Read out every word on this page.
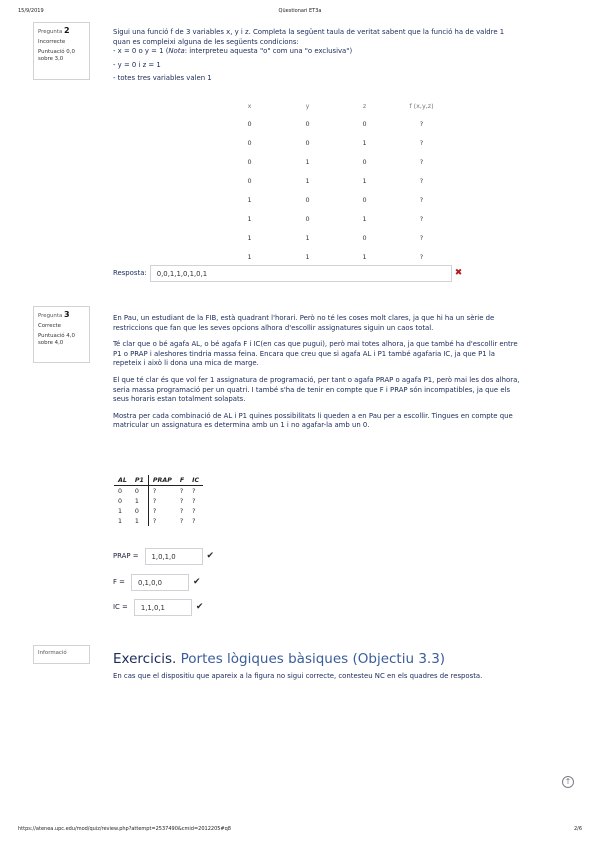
15/9/2019	Qüestionari ET3a
Pregunta 2
Incorrecte
Puntuació 0,0
sobre 3,0
Sigui una funció f de 3 variables x, y i z. Completa la següent taula de veritat sabent que la funció ha de valdre 1 quan es compleixi alguna de les següents condicions:
- x = 0 o y = 1 (Nota: interpreteu aquesta "o" com una "o exclusiva")
- y = 0 i z = 1
- totes tres variables valen 1
x	y	z	f (x,y,z)
0	0	0	?
0	0	1	?
0	1	0	?
0	1	1	?
1	0	0	?
1	0	1	?
1	1	0	?
1	1	1	?
Resposta:	0,0,1,1,0,1,0,1	✖
Pregunta 3
Correcte
Puntuació 4,0
sobre 4,0

En Pau, un estudiant de la FIB, està quadrant l'horari. Però no té les coses molt clares, ja que hi ha un sèrie de restriccions que fan que les seves opcions alhora d'escollir assignatures siguin un caos total.

Té clar que o bé agafa AL, o bé agafa F i IC(en cas que pugui), però mai totes alhora, ja que també ha d'escollir entre P1 o PRAP i aleshores tindria massa feina. Encara que creu que si agafa AL i P1 també agafaria IC, ja que P1 la repeteix i això li dona una mica de marge.

El que té clar és que vol fer 1 assignatura de programació, per tant o agafa PRAP o agafa P1, però mai les dos alhora, seria massa programació per un quatri. I també s'ha de tenir en compte que F i PRAP són incompatibles, ja que els seus horaris estan totalment solapats.

Mostra per cada combinació de AL i P1 quines possibilitats li queden a en Pau per a escollir. Tingues en compte que matricular un assignatura es determina amb un 1 i no agafar-la amb un 0.

AL	P1	PRAP	F	IC
0	0	?	?	?
0	1	?	?	?
1	0	?	?	?
1	1	?	?	?
PRAP =	1,0,1,0	✔
F =	0,1,0,0	✔
IC =	1,1,0,1	✔
Informació	Exercicis. Portes lògiques bàsiques (Objectiu 3.3)
En cas que el dispositiu que apareix a la figura no sigui correcte, contesteu NC en els quadres de resposta.
↑
https://atenea.upc.edu/mod/quiz/review.php?attempt=2537490&cmid=2012205#q8	2/6
